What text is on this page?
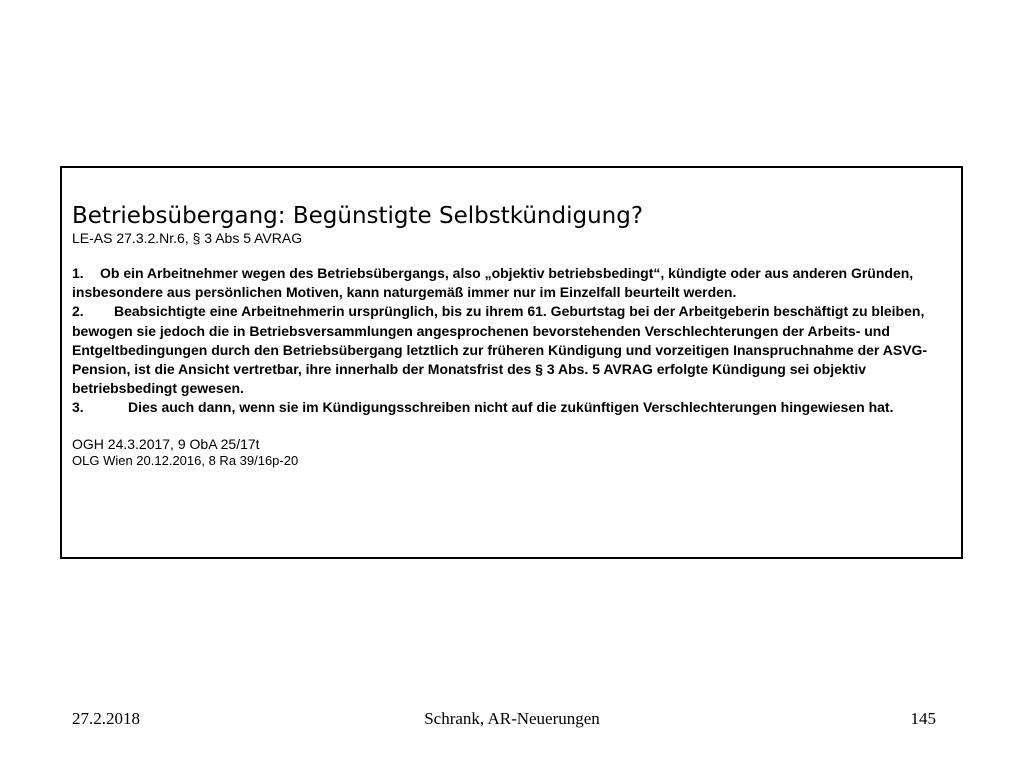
Betriebsübergang: Begünstigte Selbstkündigung?

LE-AS 27.3.2.Nr.6, § 3 Abs 5 AVRAG

1. Ob ein Arbeitnehmer wegen des Betriebsübergangs, also „objektiv betriebsbedingt“, kündigte oder aus anderen Gründen, insbesondere aus persönlichen Motiven, kann naturgemäß immer nur im Einzelfall beurteilt werden.

2. Beabsichtigte eine Arbeitnehmerin ursprünglich, bis zu ihrem 61. Geburtstag bei der Arbeitgeberin beschäftigt zu bleiben, bewogen sie jedoch die in Betriebsversammlungen angesprochenen bevorstehenden Verschlechterungen der Arbeits- und Entgeltbedingungen durch den Betriebsübergang letztlich zur früheren Kündigung und vorzeitigen Inanspruchnahme der ASVG-Pension, ist die Ansicht vertretbar, ihre innerhalb der Monatsfrist des § 3 Abs. 5 AVRAG erfolgte Kündigung sei objektiv betriebsbedingt gewesen.

3.	Dies auch dann, wenn sie im Kündigungsschreiben nicht auf die zukünftigen Verschlechterungen hingewiesen hat.

OGH 24.3.2017, 9 ObA 25/17t

OLG Wien 20.12.2016, 8 Ra 39/16p-20

27.2.2018	Schrank, AR-Neuerungen	145
